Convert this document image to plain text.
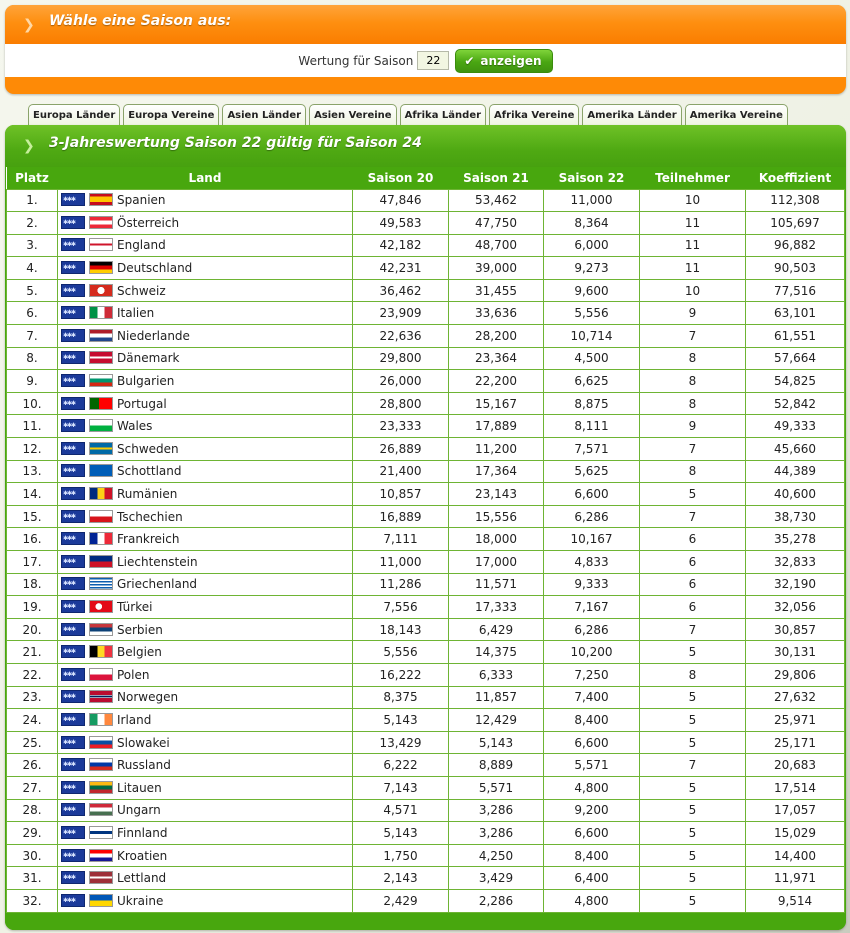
❯	Wähle eine Saison aus:
Wertung für Saison
22	✔ anzeigen
Europa Länder	Europa Vereine	Asien Länder	Asien Vereine	Afrika Länder	Afrika Vereine	Amerika Länder	Amerika Vereine
❯	3-Jahreswertung Saison 22 gültig für Saison 24
Platz	Land	Saison 20	Saison 21	Saison 22	Teilnehmer	Koeffizient
1.	✱✱✱Spanien	47,846	53,462	11,000	10	112,308
2.	✱✱✱Österreich	49,583	47,750	8,364	11	105,697
3.	✱✱✱England	42,182	48,700	6,000	11	96,882
4.	✱✱✱Deutschland	42,231	39,000	9,273	11	90,503
5.	✱✱✱Schweiz	36,462	31,455	9,600	10	77,516
6.	✱✱✱Italien	23,909	33,636	5,556	9	63,101
7.	✱✱✱Niederlande	22,636	28,200	10,714	7	61,551
8.	✱✱✱Dänemark	29,800	23,364	4,500	8	57,664
9.	✱✱✱Bulgarien	26,000	22,200	6,625	8	54,825
10.	✱✱✱Portugal	28,800	15,167	8,875	8	52,842
11.	✱✱✱Wales	23,333	17,889	8,111	9	49,333
12.	✱✱✱Schweden	26,889	11,200	7,571	7	45,660
13.	✱✱✱Schottland	21,400	17,364	5,625	8	44,389
14.	✱✱✱Rumänien	10,857	23,143	6,600	5	40,600
15.	✱✱✱Tschechien	16,889	15,556	6,286	7	38,730
16.	✱✱✱Frankreich	7,111	18,000	10,167	6	35,278
17.	✱✱✱Liechtenstein	11,000	17,000	4,833	6	32,833
18.	✱✱✱Griechenland	11,286	11,571	9,333	6	32,190
19.	✱✱✱Türkei	7,556	17,333	7,167	6	32,056
20.	✱✱✱Serbien	18,143	6,429	6,286	7	30,857
21.	✱✱✱Belgien	5,556	14,375	10,200	5	30,131
22.	✱✱✱Polen	16,222	6,333	7,250	8	29,806
23.	✱✱✱Norwegen	8,375	11,857	7,400	5	27,632
24.	✱✱✱Irland	5,143	12,429	8,400	5	25,971
25.	✱✱✱Slowakei	13,429	5,143	6,600	5	25,171
26.	✱✱✱Russland	6,222	8,889	5,571	7	20,683
27.	✱✱✱Litauen	7,143	5,571	4,800	5	17,514
28.	✱✱✱Ungarn	4,571	3,286	9,200	5	17,057
29.	✱✱✱Finnland	5,143	3,286	6,600	5	15,029
30.	✱✱✱Kroatien	1,750	4,250	8,400	5	14,400
31.	✱✱✱Lettland	2,143	3,429	6,400	5	11,971
32.	✱✱✱Ukraine	2,429	2,286	4,800	5	9,514
